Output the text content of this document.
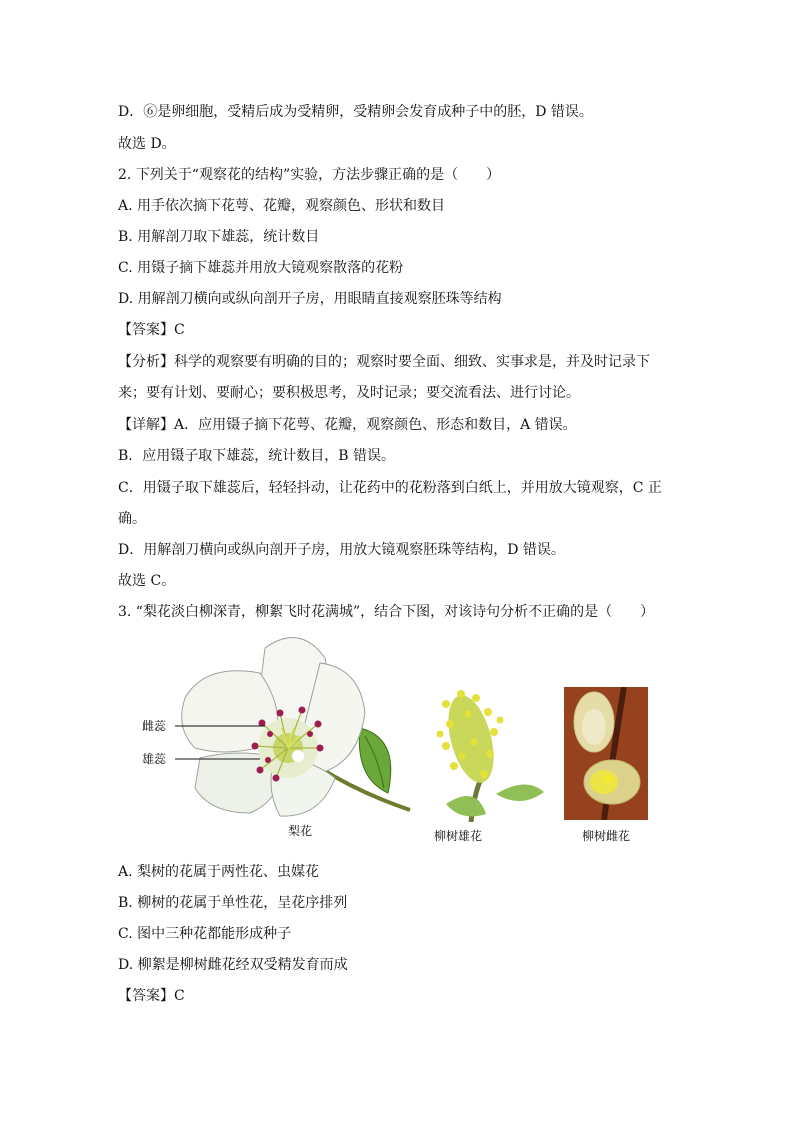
D．⑥是卵细胞，受精后成为受精卵，受精卵会发育成种子中的胚，D 错误。
故选 D。
2. 下列关于“观察花的结构”实验，方法步骤正确的是（　　）
A. 用手依次摘下花萼、花瓣，观察颜色、形状和数目
B. 用解剖刀取下雄蕊，统计数目
C. 用镊子摘下雄蕊并用放大镜观察散落的花粉
D. 用解剖刀横向或纵向剖开子房，用眼睛直接观察胚珠等结构
【答案】C
【分析】科学的观察要有明确的目的；观察时要全面、细致、实事求是，并及时记录下
来；要有计划、要耐心；要积极思考，及时记录；要交流看法、进行讨论。
【详解】A．应用镊子摘下花萼、花瓣，观察颜色、形态和数目，A 错误。
B．应用镊子取下雄蕊，统计数目，B 错误。
C．用镊子取下雄蕊后，轻轻抖动，让花药中的花粉落到白纸上，并用放大镜观察，C 正
确。
D．用解剖刀横向或纵向剖开子房，用放大镜观察胚珠等结构，D 错误。
故选 C。
3. “梨花淡白柳深青，柳絮飞时花满城”，结合下图，对该诗句分析不正确的是（　　）
雌蕊
雄蕊
梨花	柳树雄花	柳树雌花
A. 梨树的花属于两性花、虫媒花
B. 柳树的花属于单性花，呈花序排列
C. 图中三种花都能形成种子
D. 柳絮是柳树雌花经双受精发育而成
【答案】C
